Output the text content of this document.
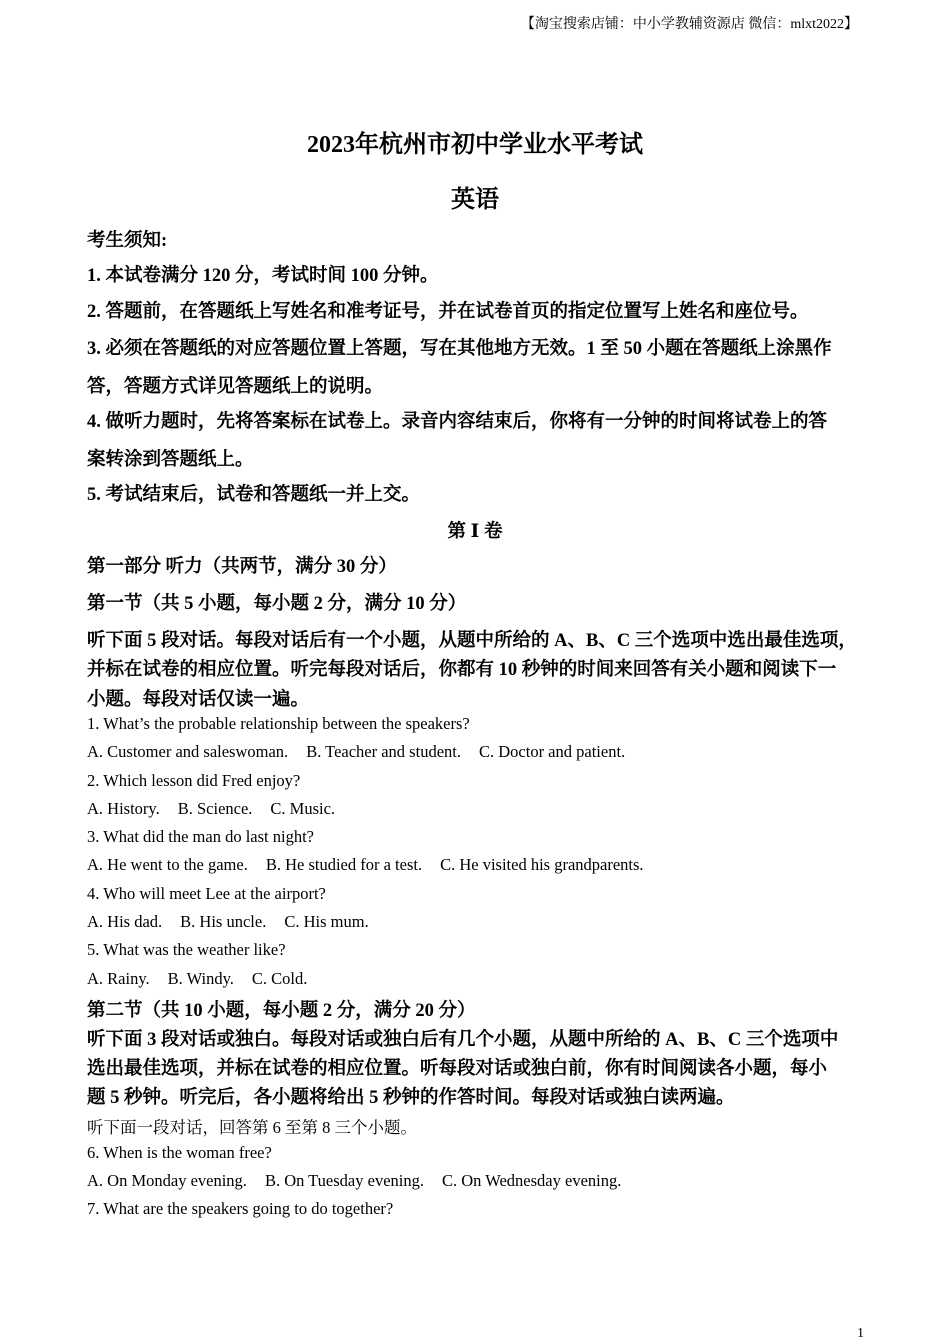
【淘宝搜索店铺：中小学教辅资源店 微信：mlxt2022】
2023年杭州市初中学业水平考试
英语
考生须知:
1. 本试卷满分 120 分，考试时间 100 分钟。
2. 答题前，在答题纸上写姓名和准考证号，并在试卷首页的指定位置写上姓名和座位号。
3. 必须在答题纸的对应答题位置上答题，写在其他地方无效。1 至 50 小题在答题纸上涂黑作
答，答题方式详见答题纸上的说明。
4. 做听力题时，先将答案标在试卷上。录音内容结束后，你将有一分钟的时间将试卷上的答
案转涂到答题纸上。
5. 考试结束后，试卷和答题纸一并上交。
第 Ⅰ 卷
第一部分 听力（共两节，满分 30 分）
第一节（共 5 小题，每小题 2 分，满分 10 分）
听下面 5 段对话。每段对话后有一个小题，从题中所给的 A、B、C 三个选项中选出最佳选项，
并标在试卷的相应位置。听完每段对话后，你都有 10 秒钟的时间来回答有关小题和阅读下一
小题。每段对话仅读一遍。
1. What’s the probable relationship between the speakers?
A. Customer and saleswoman. B. Teacher and student. C. Doctor and patient.
2. Which lesson did Fred enjoy?
A. History. B. Science. C. Music.
3. What did the man do last night?
A. He went to the game. B. He studied for a test. C. He visited his grandparents.
4. Who will meet Lee at the airport?
A. His dad. B. His uncle. C. His mum.
5. What was the weather like?
A. Rainy. B. Windy. C. Cold.
第二节（共 10 小题，每小题 2 分，满分 20 分）
听下面 3 段对话或独白。每段对话或独白后有几个小题，从题中所给的 A、B、C 三个选项中
选出最佳选项，并标在试卷的相应位置。听每段对话或独白前，你有时间阅读各小题，每小
题 5 秒钟。听完后，各小题将给出 5 秒钟的作答时间。每段对话或独白读两遍。
听下面一段对话，回答第 6 至第 8 三个小题。
6. When is the woman free?
A. On Monday evening. B. On Tuesday evening. C. On Wednesday evening.
7. What are the speakers going to do together?
1
